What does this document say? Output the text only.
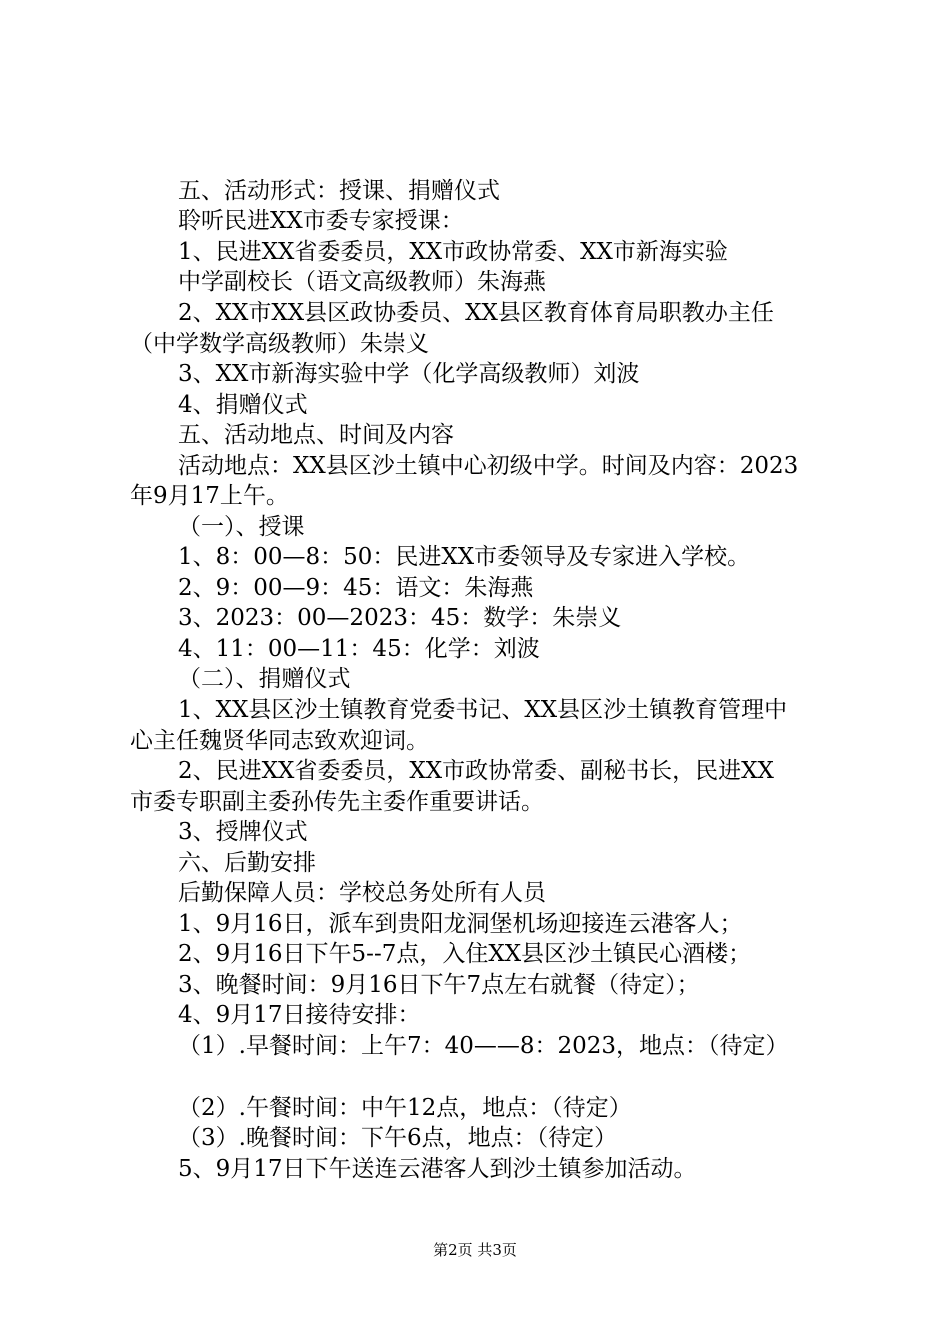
五、活动形式：授课、捐赠仪式
聆听民进XX市委专家授课：
1、民进XX省委委员，XX市政协常委、XX市新海实验
中学副校长（语文高级教师）朱海燕
2、XX市XX县区政协委员、XX县区教育体育局职教办主任
（中学数学高级教师）朱崇义
3、XX市新海实验中学（化学高级教师）刘波
4、捐赠仪式
五、活动地点、时间及内容
活动地点：XX县区沙土镇中心初级中学。时间及内容：2023
年9月17上午。
（一）、授课
1、8：00—8：50：民进XX市委领导及专家进入学校。
2、9：00—9：45：语文：朱海燕
3、2023：00—2023：45：数学：朱崇义
4、11：00—11：45：化学：刘波
（二）、捐赠仪式
1、XX县区沙土镇教育党委书记、XX县区沙土镇教育管理中
心主任魏贤华同志致欢迎词。
2、民进XX省委委员，XX市政协常委、副秘书长，民进XX
市委专职副主委孙传先主委作重要讲话。
3、授牌仪式
六、后勤安排
后勤保障人员：学校总务处所有人员
1、9月16日，派车到贵阳龙洞堡机场迎接连云港客人；
2、9月16日下午5--7点，入住XX县区沙土镇民心酒楼；
3、晚餐时间：9月16日下午7点左右就餐（待定）；
4、9月17日接待安排：
（1）.早餐时间：上午7：40——8：2023，地点：（待定）
（2）.午餐时间：中午12点，地点：（待定）
（3）.晚餐时间：下午6点，地点：（待定）
5、9月17日下午送连云港客人到沙土镇参加活动。
第2页 共3页
